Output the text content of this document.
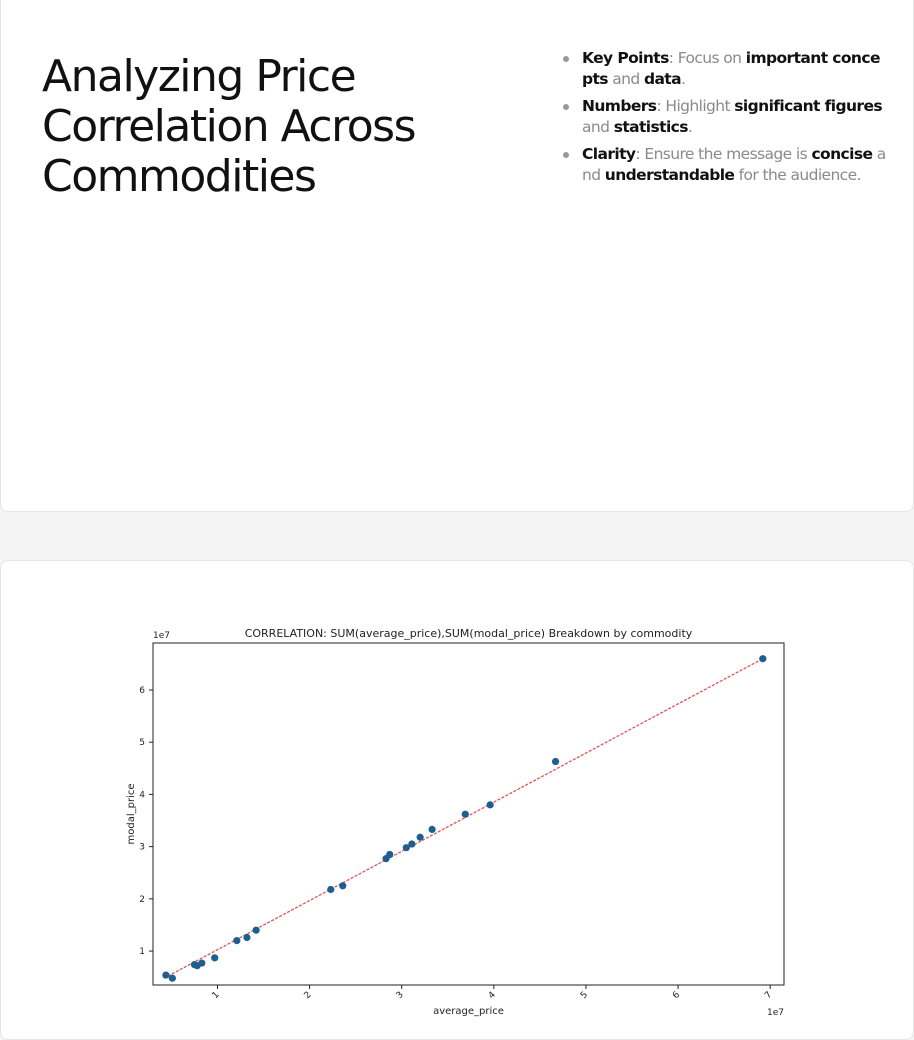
Analyzing Price Correlation Across Commodities
Key Points: Focus on important concepts and data.
Numbers: Highlight significant figures and statistics.
Clarity: Ensure the message is concise and understandable for the audience.
CORRELATION: SUM(average_price),SUM(modal_price) Breakdown by commodity
1e7
1e7
1	2	3	4	5	6	7
1
2
3
4
5
6
average_price
modal_price
